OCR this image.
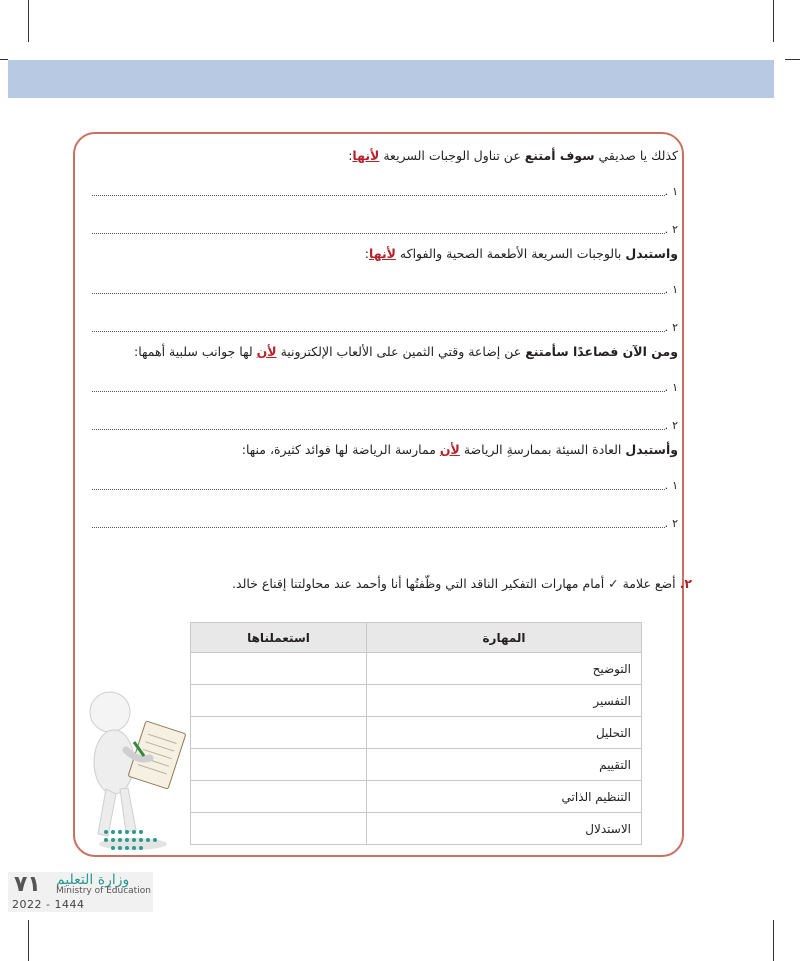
كذلك يا صديقي سوف أمتنع عن تناول الوجبات السريعة لأنها:

١
.
٢
.

واستبدل بالوجبات السريعة الأطعمة الصحية والفواكه لأنها:

١
.
٢
.

ومن الآن فصاعدًا سأمتنع عن إضاعة وقتي الثمين على الألعاب الإلكترونية لأن لها جوانب سلبية أهمها:

١
.
٢
.

وأستبدل العادة السيئة بممارسةِ الرياضة لأن ممارسة الرياضة لها فوائد كثيرة، منها:

١
.
٢
.
٢. أضع علامة ✓ أمام مهارات التفكير الناقد التي وظّفتُها أنا وأحمد عند محاولتنا إقناع خالد.
المهارة	استعملناها
التوضيح	
التفسير	
التحليل	
التقييم	
التنظيم الذاتي	
الاستدلال	
٧١ وزارة التعليم
Ministry of Education
2022 - 1444
